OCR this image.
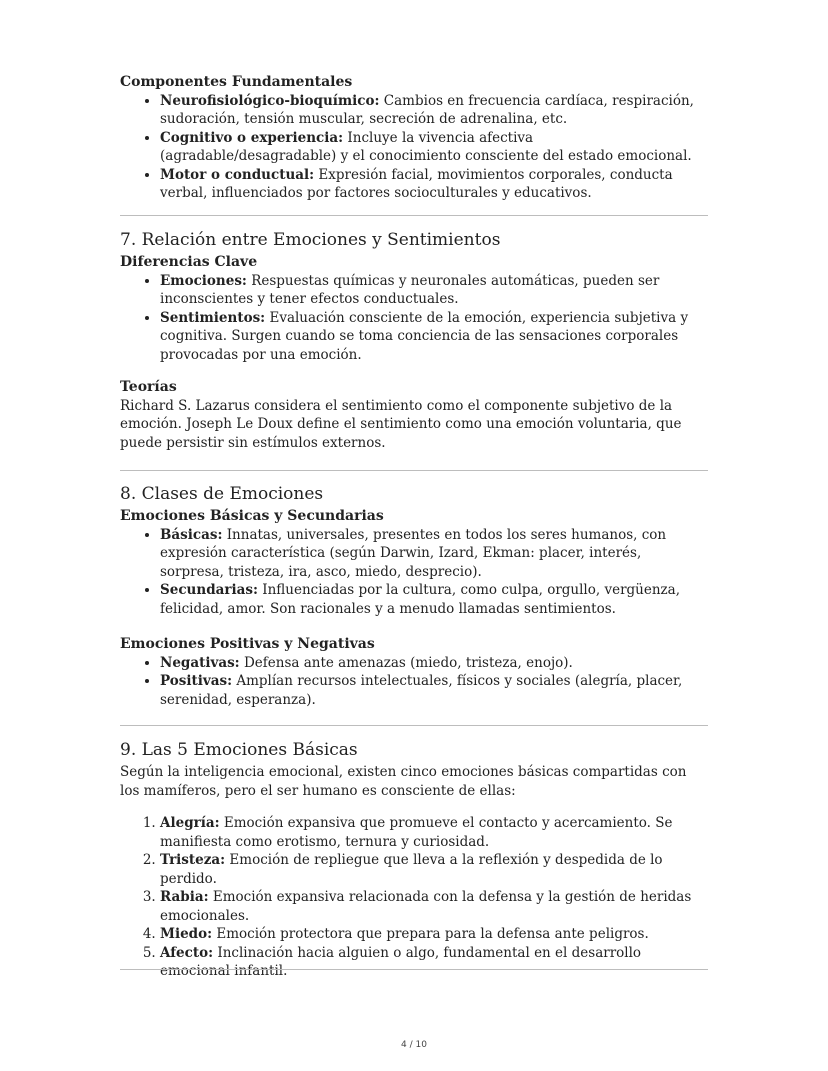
Componentes Fundamentales

• Neurofisiológico-bioquímico: Cambios en frecuencia cardíaca, respiración, sudoración, tensión muscular, secreción de adrenalina, etc.
• Cognitivo o experiencia: Incluye la vivencia afectiva (agradable/desagradable) y el conocimiento consciente del estado emocional.
• Motor o conductual: Expresión facial, movimientos corporales, conducta verbal, influenciados por factores socioculturales y educativos.
7. Relación entre Emociones y Sentimientos

Diferencias Clave

• Emociones: Respuestas químicas y neuronales automáticas, pueden ser inconscientes y tener efectos conductuales.
• Sentimientos: Evaluación consciente de la emoción, experiencia subjetiva y cognitiva. Surgen cuando se toma conciencia de las sensaciones corporales provocadas por una emoción.

Teorías

Richard S. Lazarus considera el sentimiento como el componente subjetivo de la emoción. Joseph Le Doux define el sentimiento como una emoción voluntaria, que puede persistir sin estímulos externos.

8. Clases de Emociones

Emociones Básicas y Secundarias

• Básicas: Innatas, universales, presentes en todos los seres humanos, con expresión característica (según Darwin, Izard, Ekman: placer, interés, sorpresa, tristeza, ira, asco, miedo, desprecio).
• Secundarias: Influenciadas por la cultura, como culpa, orgullo, vergüenza, felicidad, amor. Son racionales y a menudo llamadas sentimientos.

Emociones Positivas y Negativas

• Negativas: Defensa ante amenazas (miedo, tristeza, enojo).
• Positivas: Amplían recursos intelectuales, físicos y sociales (alegría, placer, serenidad, esperanza).
9. Las 5 Emociones Básicas

Según la inteligencia emocional, existen cinco emociones básicas compartidas con los mamíferos, pero el ser humano es consciente de ellas:

1. Alegría: Emoción expansiva que promueve el contacto y acercamiento. Se manifiesta como erotismo, ternura y curiosidad.
2. Tristeza: Emoción de repliegue que lleva a la reflexión y despedida de lo perdido.
3. Rabia: Emoción expansiva relacionada con la defensa y la gestión de heridas emocionales.
4. Miedo: Emoción protectora que prepara para la defensa ante peligros.
5. Afecto: Inclinación hacia alguien o algo, fundamental en el desarrollo emocional infantil.
4 / 10
